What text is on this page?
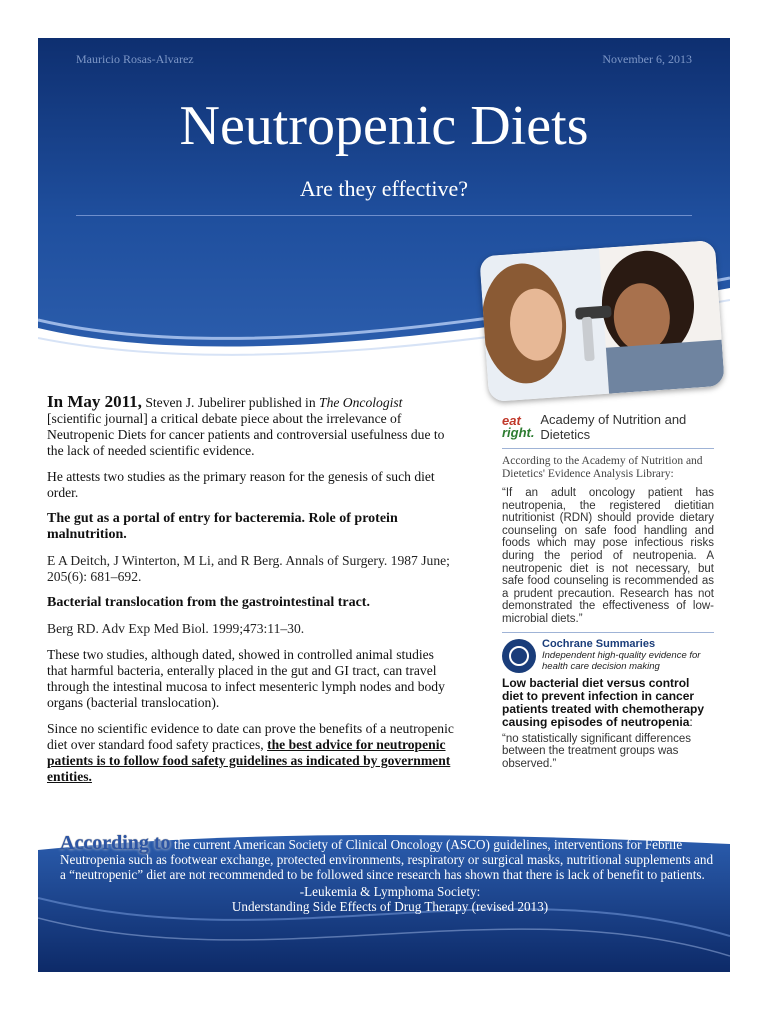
Mauricio Rosas-Alvarez	November 6, 2013
Neutropenic Diets
Are they effective?

In May 2011, Steven J. Jubelirer published in The Oncologist [scientific journal] a critical debate piece about the irrelevance of Neutropenic Diets for cancer patients and controversial usefulness due to the lack of needed scientific evidence.

He attests two studies as the primary reason for the genesis of such diet order.

The gut as a portal of entry for bacteremia. Role of protein malnutrition.

E A Deitch, J Winterton, M Li, and R Berg. Annals of Surgery. 1987 June; 205(6): 681–692.

Bacterial translocation from the gastrointestinal tract.

Berg RD. Adv Exp Med Biol. 1999;473:11–30.

These two studies, although dated, showed in controlled animal studies that harmful bacteria, enterally placed in the gut and GI tract, can travel through the intestinal mucosa to infect mesenteric lymph nodes and body organs (bacterial translocation).

Since no scientific evidence to date can prove the benefits of a neutropenic diet over standard food safety practices, the best advice for neutropenic patients is to follow food safety guidelines as indicated by government entities.

eat
right.
Academy of Nutrition and Dietetics

According to the Academy of Nutrition and Dietetics' Evidence Analysis Library:

“If an adult oncology patient has neutropenia, the registered dietitian nutritionist (RDN) should provide dietary counseling on safe food handling and foods which may pose infectious risks during the period of neutropenia. A neutropenic diet is not necessary, but safe food counseling is recommended as a prudent precaution. Research has not demonstrated the effectiveness of low-microbial diets.”

Cochrane Summaries
Independent high-quality evidence for health care decision making

Low bacterial diet versus control diet to prevent infection in cancer patients treated with chemotherapy causing episodes of neutropenia:

“no statistically significant differences between the treatment groups was observed.”

According to the current American Society of Clinical Oncology (ASCO) guidelines, interventions for Febrile Neutropenia such as footwear exchange, protected environments, respiratory or surgical masks, nutritional supplements and a “neutropenic” diet are not recommended to be followed since research has shown that there is lack of benefit to patients.
-Leukemia & Lymphoma Society:
Understanding Side Effects of Drug Therapy (revised 2013)
